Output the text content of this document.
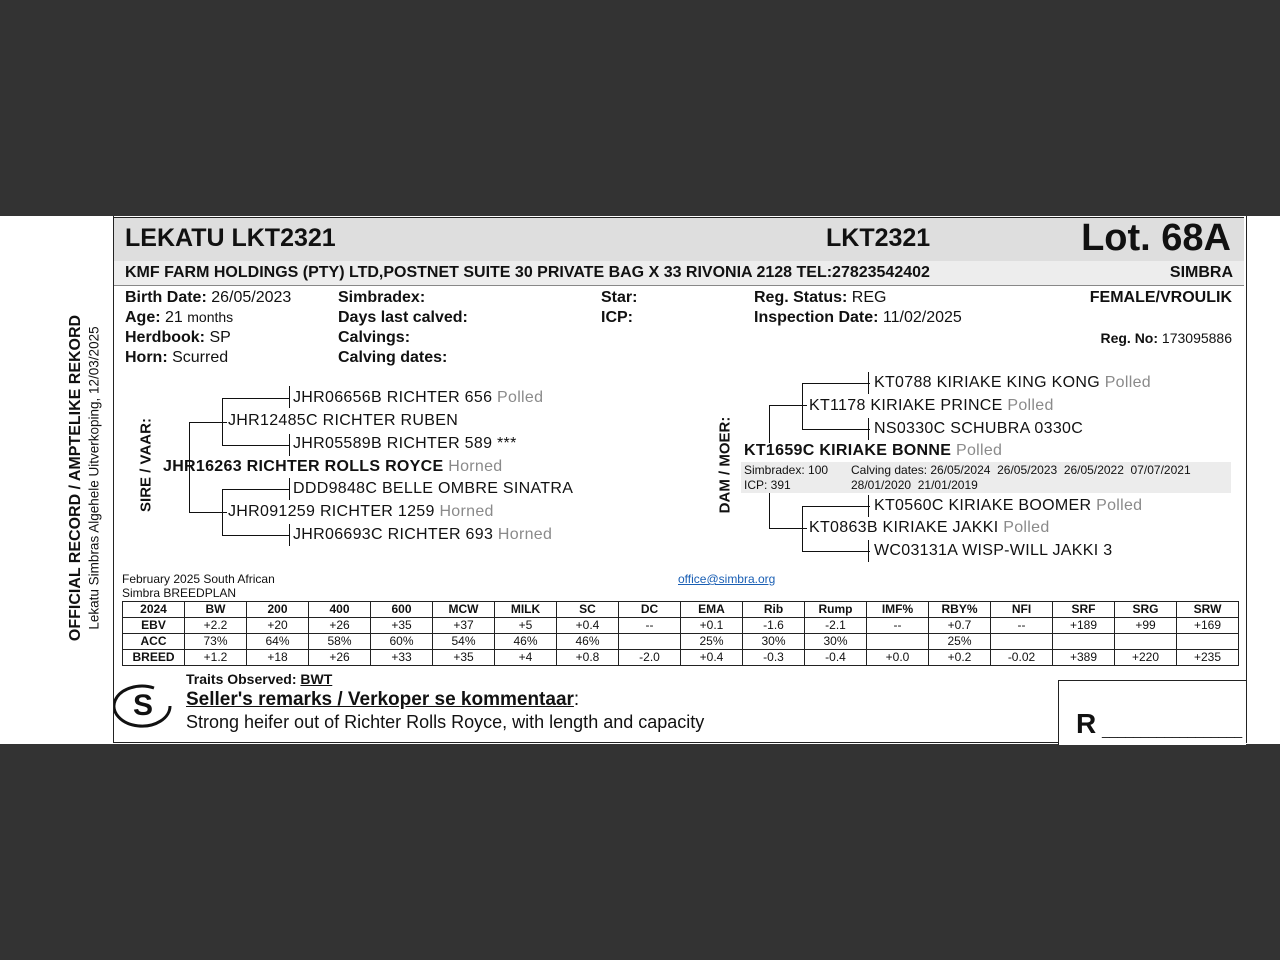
OFFICIAL RECORD / AMPTELIKE REKORD Lekatu Simbras Algehele Uitverkoping, 12/03/2025
LEKATU LKT2321	LKT2321	Lot. 68A
KMF FARM HOLDINGS (PTY) LTD,POSTNET SUITE 30 PRIVATE BAG X 33 RIVONIA 2128 TEL:27823542402	SIMBRA
Birth Date: 26/05/2023
Age: 21 months
Herdbook: SP
Horn: Scurred
Simbradex:
Days last calved:
Calvings:
Calving dates:
Star:
ICP:
Reg. Status: REG
Inspection Date: 11/02/2025
FEMALE/VROULIK
Reg. No: 173095886
SIRE / VAAR:
JHR06656B RICHTER 656 Polled
JHR12485C RICHTER RUBEN
JHR05589B RICHTER 589 ***
JHR16263 RICHTER ROLLS ROYCE Horned
DDD9848C BELLE OMBRE SINATRA
JHR091259 RICHTER 1259 Horned
JHR06693C RICHTER 693 Horned
DAM / MOER:
KT0788 KIRIAKE KING KONG Polled
KT1178 KIRIAKE PRINCE Polled
NS0330C SCHUBRA 0330C
KT1659C KIRIAKE BONNE Polled
Simbradex: 100
ICP: 391
Calving dates: 26/05/2024  26/05/2023  26/05/2022  07/07/2021
28/01/2020  21/01/2019
KT0560C KIRIAKE BOOMER Polled
KT0863B KIRIAKE JAKKI Polled
WC03131A WISP-WILL JAKKI 3
February 2025 South African
Simbra BREEDPLAN
office@simbra.org
2024	BW	200	400	600	MCW	MILK	SC	DC	EMA	Rib	Rump	IMF%	RBY%	NFI	SRF	SRG	SRW
EBV	+2.2	+20	+26	+35	+37	+5	+0.4	--	+0.1	-1.6	-2.1	--	+0.7	--	+189	+99	+169
ACC	73%	64%	58%	60%	54%	46%	46%		25%	30%	30%		25%				
BREED	+1.2	+18	+26	+33	+35	+4	+0.8	-2.0	+0.4	-0.3	-0.4	+0.0	+0.2	-0.02	+389	+220	+235
S
Traits Observed: BWT
Seller's remarks / Verkoper se kommentaar:
Strong heifer out of Richter Rolls Royce, with length and capacity	R __________________
